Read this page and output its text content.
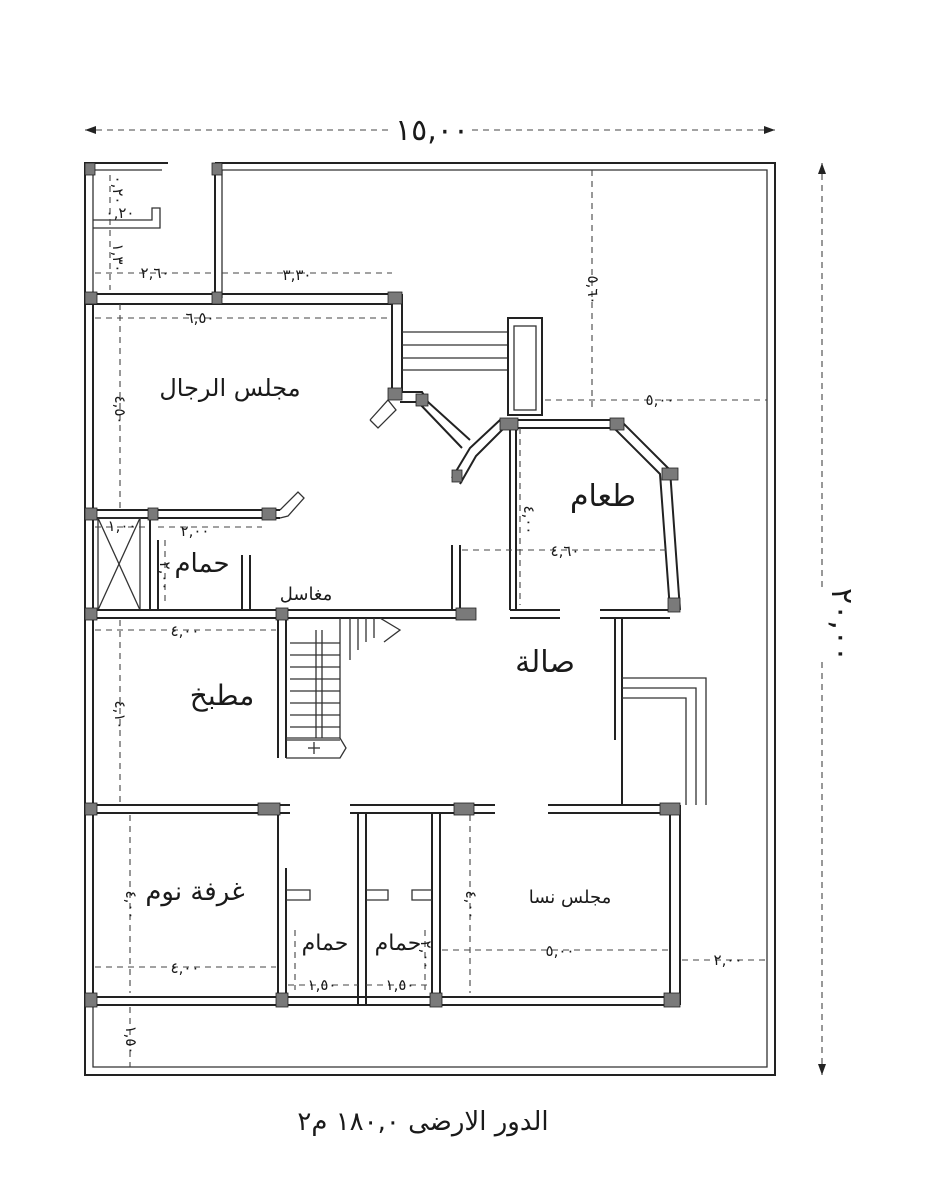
مجلس الرجال
طعام
حمام
مغاسل
صالة
مطبخ
غرفة نوم
حمام حمام
مجلس نسا
١٥,٠٠
٢٠,٠٠
٠,٢٠
٠,٢٠
١,٣٠
٢,٦٠	٣,٣٠
٦,٥٠
٤,٥٠
٥,٦٠
٥,٠٠
٤,٠٠
٤,٦٠
١,٠٠	٢,٠٠
٢,٠٠
٤,٠٠
٤,١٠
٤,٠٠
٤,٠٠
١,٥٠	١,٥٠
٢,٠٠
٤,٠٠
٥,٠٠	٢,٠٠
١,٥٠
الدور الارضى ١٨٠,٠ م٢
